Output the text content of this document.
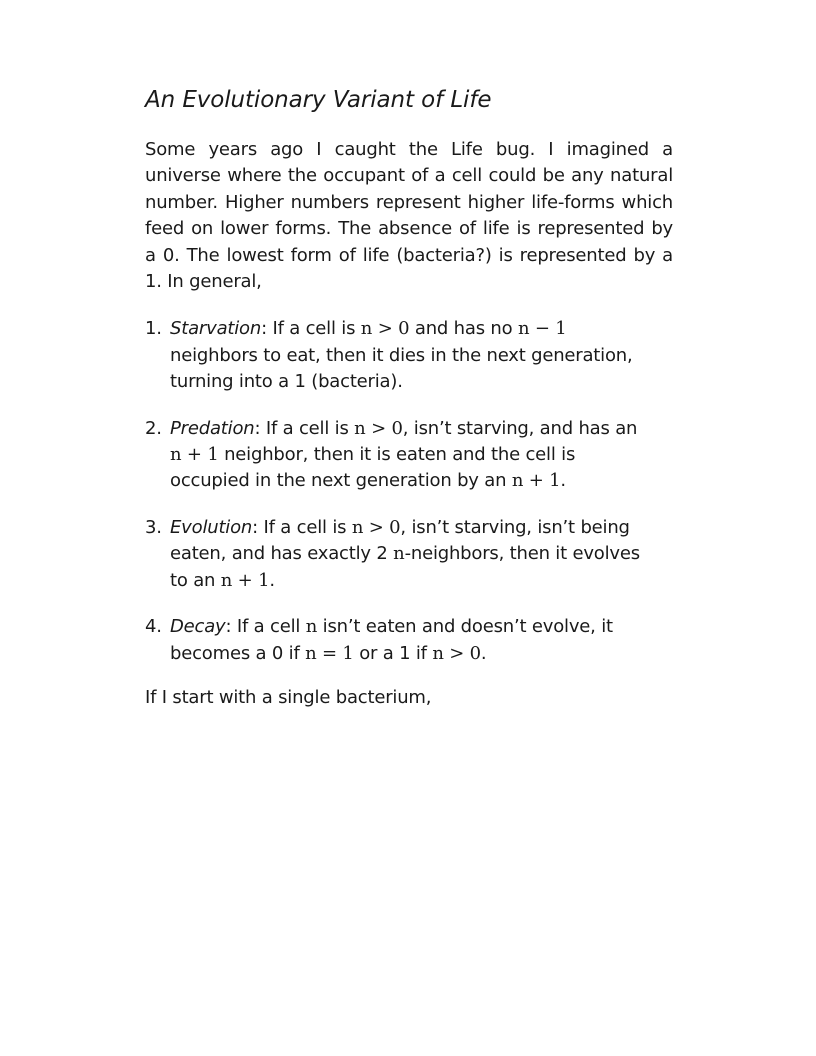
An Evolutionary Variant of Life

Some years ago I caught the Life bug. I imagined a universe where the occupant of a cell could be any natural number. Higher numbers represent higher life-forms which feed on lower forms. The absence of life is represented by a 0. The lowest form of life (bacteria?) is represented by a 1. In general,

1. Starvation: If a cell is n > 0 and has no n − 1 neighbors to eat, then it dies in the next generation, turning into a 1 (bacteria).
2. Predation: If a cell is n > 0, isn’t starving, and has an n + 1 neighbor, then it is eaten and the cell is occupied in the next generation by an n + 1.
3. Evolution: If a cell is n > 0, isn’t starving, isn’t being eaten, and has exactly 2 n-neighbors, then it evolves to an n + 1.
4. Decay: If a cell n isn’t eaten and doesn’t evolve, it becomes a 0 if n = 1 or a 1 if n > 0.

If I start with a single bacterium,
